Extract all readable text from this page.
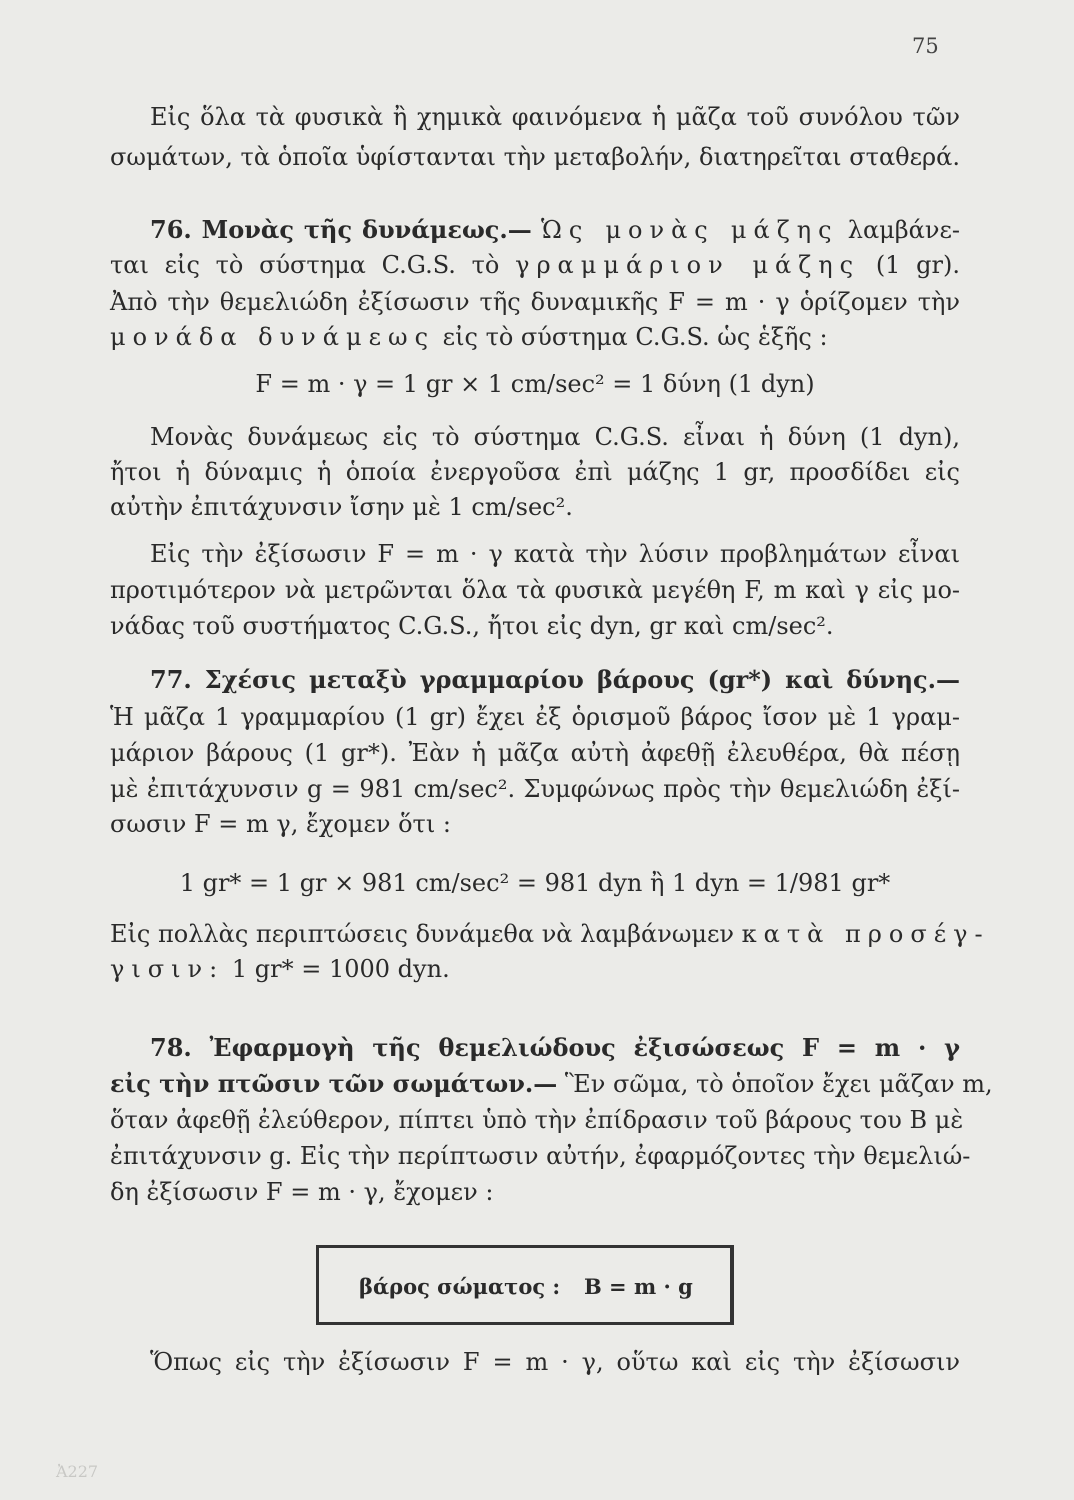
75
Εἰς ὅλα τὰ φυσικὰ ἢ χημικὰ φαινόμενα ἡ μᾶζα τοῦ συνόλου τῶν
σωμάτων, τὰ ὁποῖα ὑφίστανται τὴν μεταβολήν, διατηρεῖται σταθερά.
76. Μονὰς τῆς δυνάμεως.— Ὡς μονὰς μάζης λαμβάνε-
ται εἰς τὸ σύστημα C.G.S. τὸ γραμμάριον μάζης (1 gr).
Ἀπὸ τὴν θεμελιώδη ἐξίσωσιν τῆς δυναμικῆς F = m · γ ὁρίζομεν τὴν
μονάδα δυνάμεως εἰς τὸ σύστημα C.G.S. ὡς ἑξῆς :
F = m · γ = 1 gr × 1 cm/sec² = 1 δύνη (1 dyn)
Μονὰς δυνάμεως εἰς τὸ σύστημα C.G.S. εἶναι ἡ δύνη (1 dyn),
ἤτοι ἡ δύναμις ἡ ὁποία ἐνεργοῦσα ἐπὶ μάζης 1 gr, προσδίδει εἰς
αὐτὴν ἐπιτάχυνσιν ἴσην μὲ 1 cm/sec².
Εἰς τὴν ἐξίσωσιν F = m · γ κατὰ τὴν λύσιν προβλημάτων εἶναι
προτιμότερον νὰ μετρῶνται ὅλα τὰ φυσικὰ μεγέθη F, m καὶ γ εἰς μο-
νάδας τοῦ συστήματος C.G.S., ἤτοι εἰς dyn, gr καὶ cm/sec².
77. Σχέσις μεταξὺ γραμμαρίου βάρους (gr*) καὶ δύνης.—
Ἡ μᾶζα 1 γραμμαρίου (1 gr) ἔχει ἐξ ὁρισμοῦ βάρος ἴσον μὲ 1 γραμ-
μάριον βάρους (1 gr*). Ἐὰν ἡ μᾶζα αὐτὴ ἀφεθῇ ἐλευθέρα, θὰ πέσῃ
μὲ ἐπιτάχυνσιν g = 981 cm/sec². Συμφώνως πρὸς τὴν θεμελιώδη ἐξί-
σωσιν F = m γ, ἔχομεν ὅτι :
1 gr* = 1 gr × 981 cm/sec² = 981 dyn ἢ 1 dyn = 1/981 gr*
Εἰς πολλὰς περιπτώσεις δυνάμεθα νὰ λαμβάνωμεν κατὰ προσέγ-
γισιν: 1 gr* = 1000 dyn.
78. Ἐφαρμογὴ τῆς θεμελιώδους ἐξισώσεως F = m · γ
εἰς τὴν πτῶσιν τῶν σωμάτων.— Ἓν σῶμα, τὸ ὁποῖον ἔχει μᾶζαν m,
ὅταν ἀφεθῇ ἐλεύθερον, πίπτει ὑπὸ τὴν ἐπίδρασιν τοῦ βάρους του B μὲ
ἐπιτάχυνσιν g. Εἰς τὴν περίπτωσιν αὐτήν, ἐφαρμόζοντες τὴν θεμελιώ-
δη ἐξίσωσιν F = m · γ, ἔχομεν :
βάρος σώματος : B = m · g
Ὅπως εἰς τὴν ἐξίσωσιν F = m · γ, οὕτω καὶ εἰς τὴν ἐξίσωσιν
Ἀ227
